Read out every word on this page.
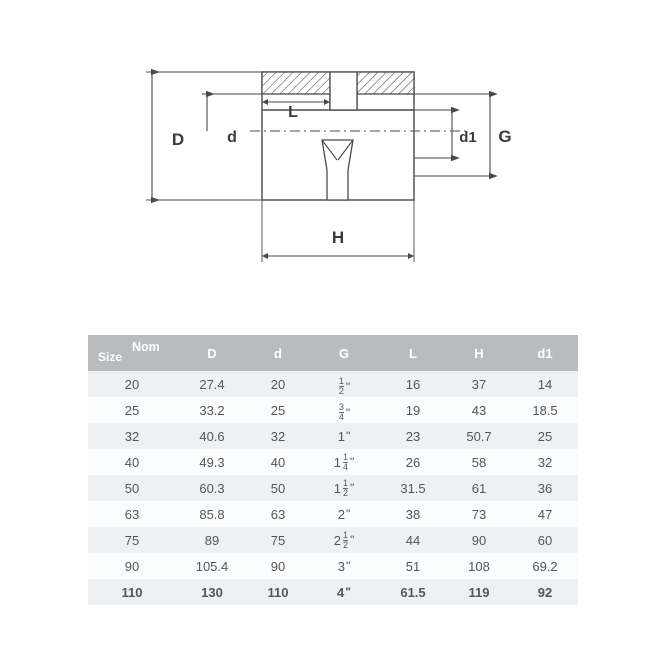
D	d
L
d1 G
H
Size
Nom	D	d	G	L	H	d1
20	27.4	20	$\frac{1}{2}$ "	16	37	14
25	33.2	25	$\frac{3}{4}$ "	19	43	18.5
32	40.6	32	1 "	23	50.7	25
40	49.3	40	$1 \frac{1}{4}$ "	26	58	32
50	60.3	50	$1 \frac{1}{2}$ "	31.5	61	36
63	85.8	63	2 "	38	73	47
75	89	75	$2 \frac{1}{2}$ "	44	90	60
90	105.4	90	3 "	51	108	69.2
110	130	110	4 "	61.5	119	92
